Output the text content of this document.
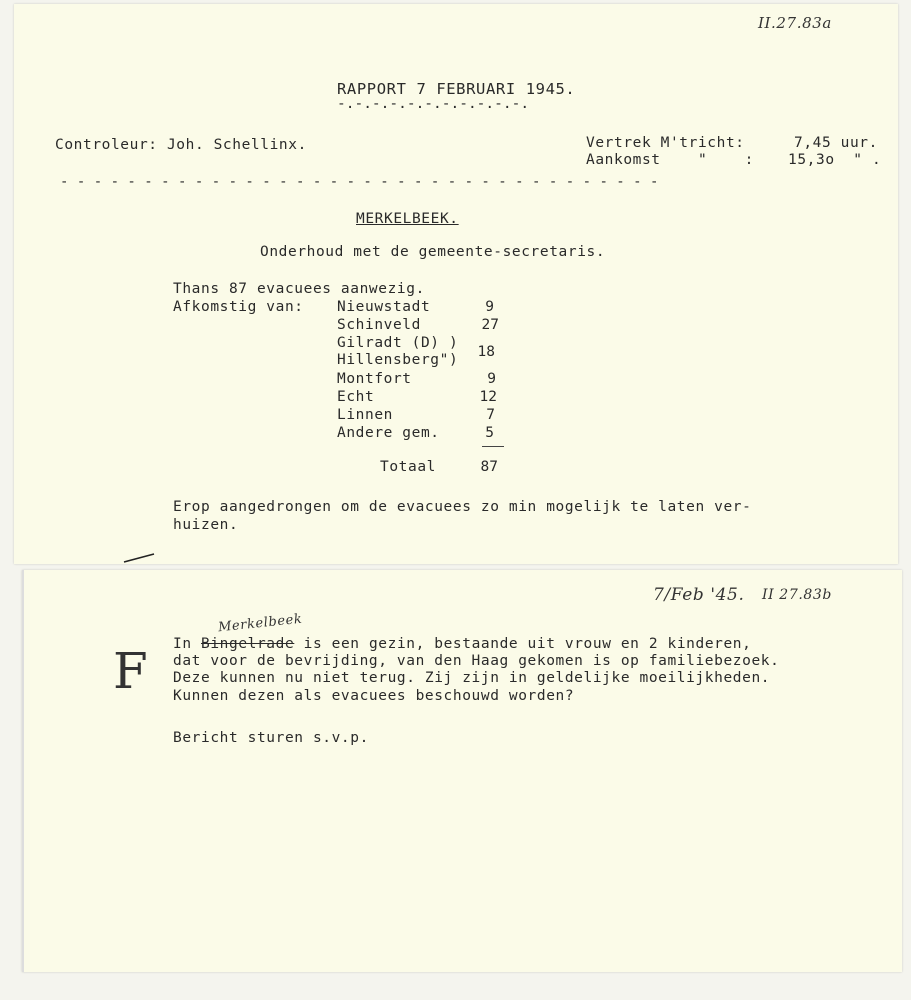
II.27.83a
RAPPORT 7 FEBRUARI 1945.
-.-.-.-.-.-.-.-.-.-.-.
Controleur: Joh. Schellinx.	Vertrek M'tricht:	7,45 uur.
Aankomst    "    : 15,3o  " .
- - - - - - - - - - - - - - - - - - - - - - - - - - - - - - - - - - - -
MERKELBEEK.
Onderhoud met de gemeente-secretaris.
Thans 87 evacuees aanwezig.
Afkomstig van: Nieuwstadt	9
Schinveld	27
Gilradt (D) )
Hillensberg")	18
Montfort	9
Echt	12
Linnen	7
Andere gem.	5
Totaal	87
Erop aangedrongen om de evacuees zo min mogelijk te laten ver-
huizen.
7/Feb '45. II 27.83b
Merkelbeek
F In Bingelrade is een gezin, bestaande uit vrouw en 2 kinderen,
dat voor de bevrijding, van den Haag gekomen is op familiebezoek.
Deze kunnen nu niet terug. Zij zijn in geldelijke moeilijkheden.
Kunnen dezen als evacuees beschouwd worden?
Bericht sturen s.v.p.
